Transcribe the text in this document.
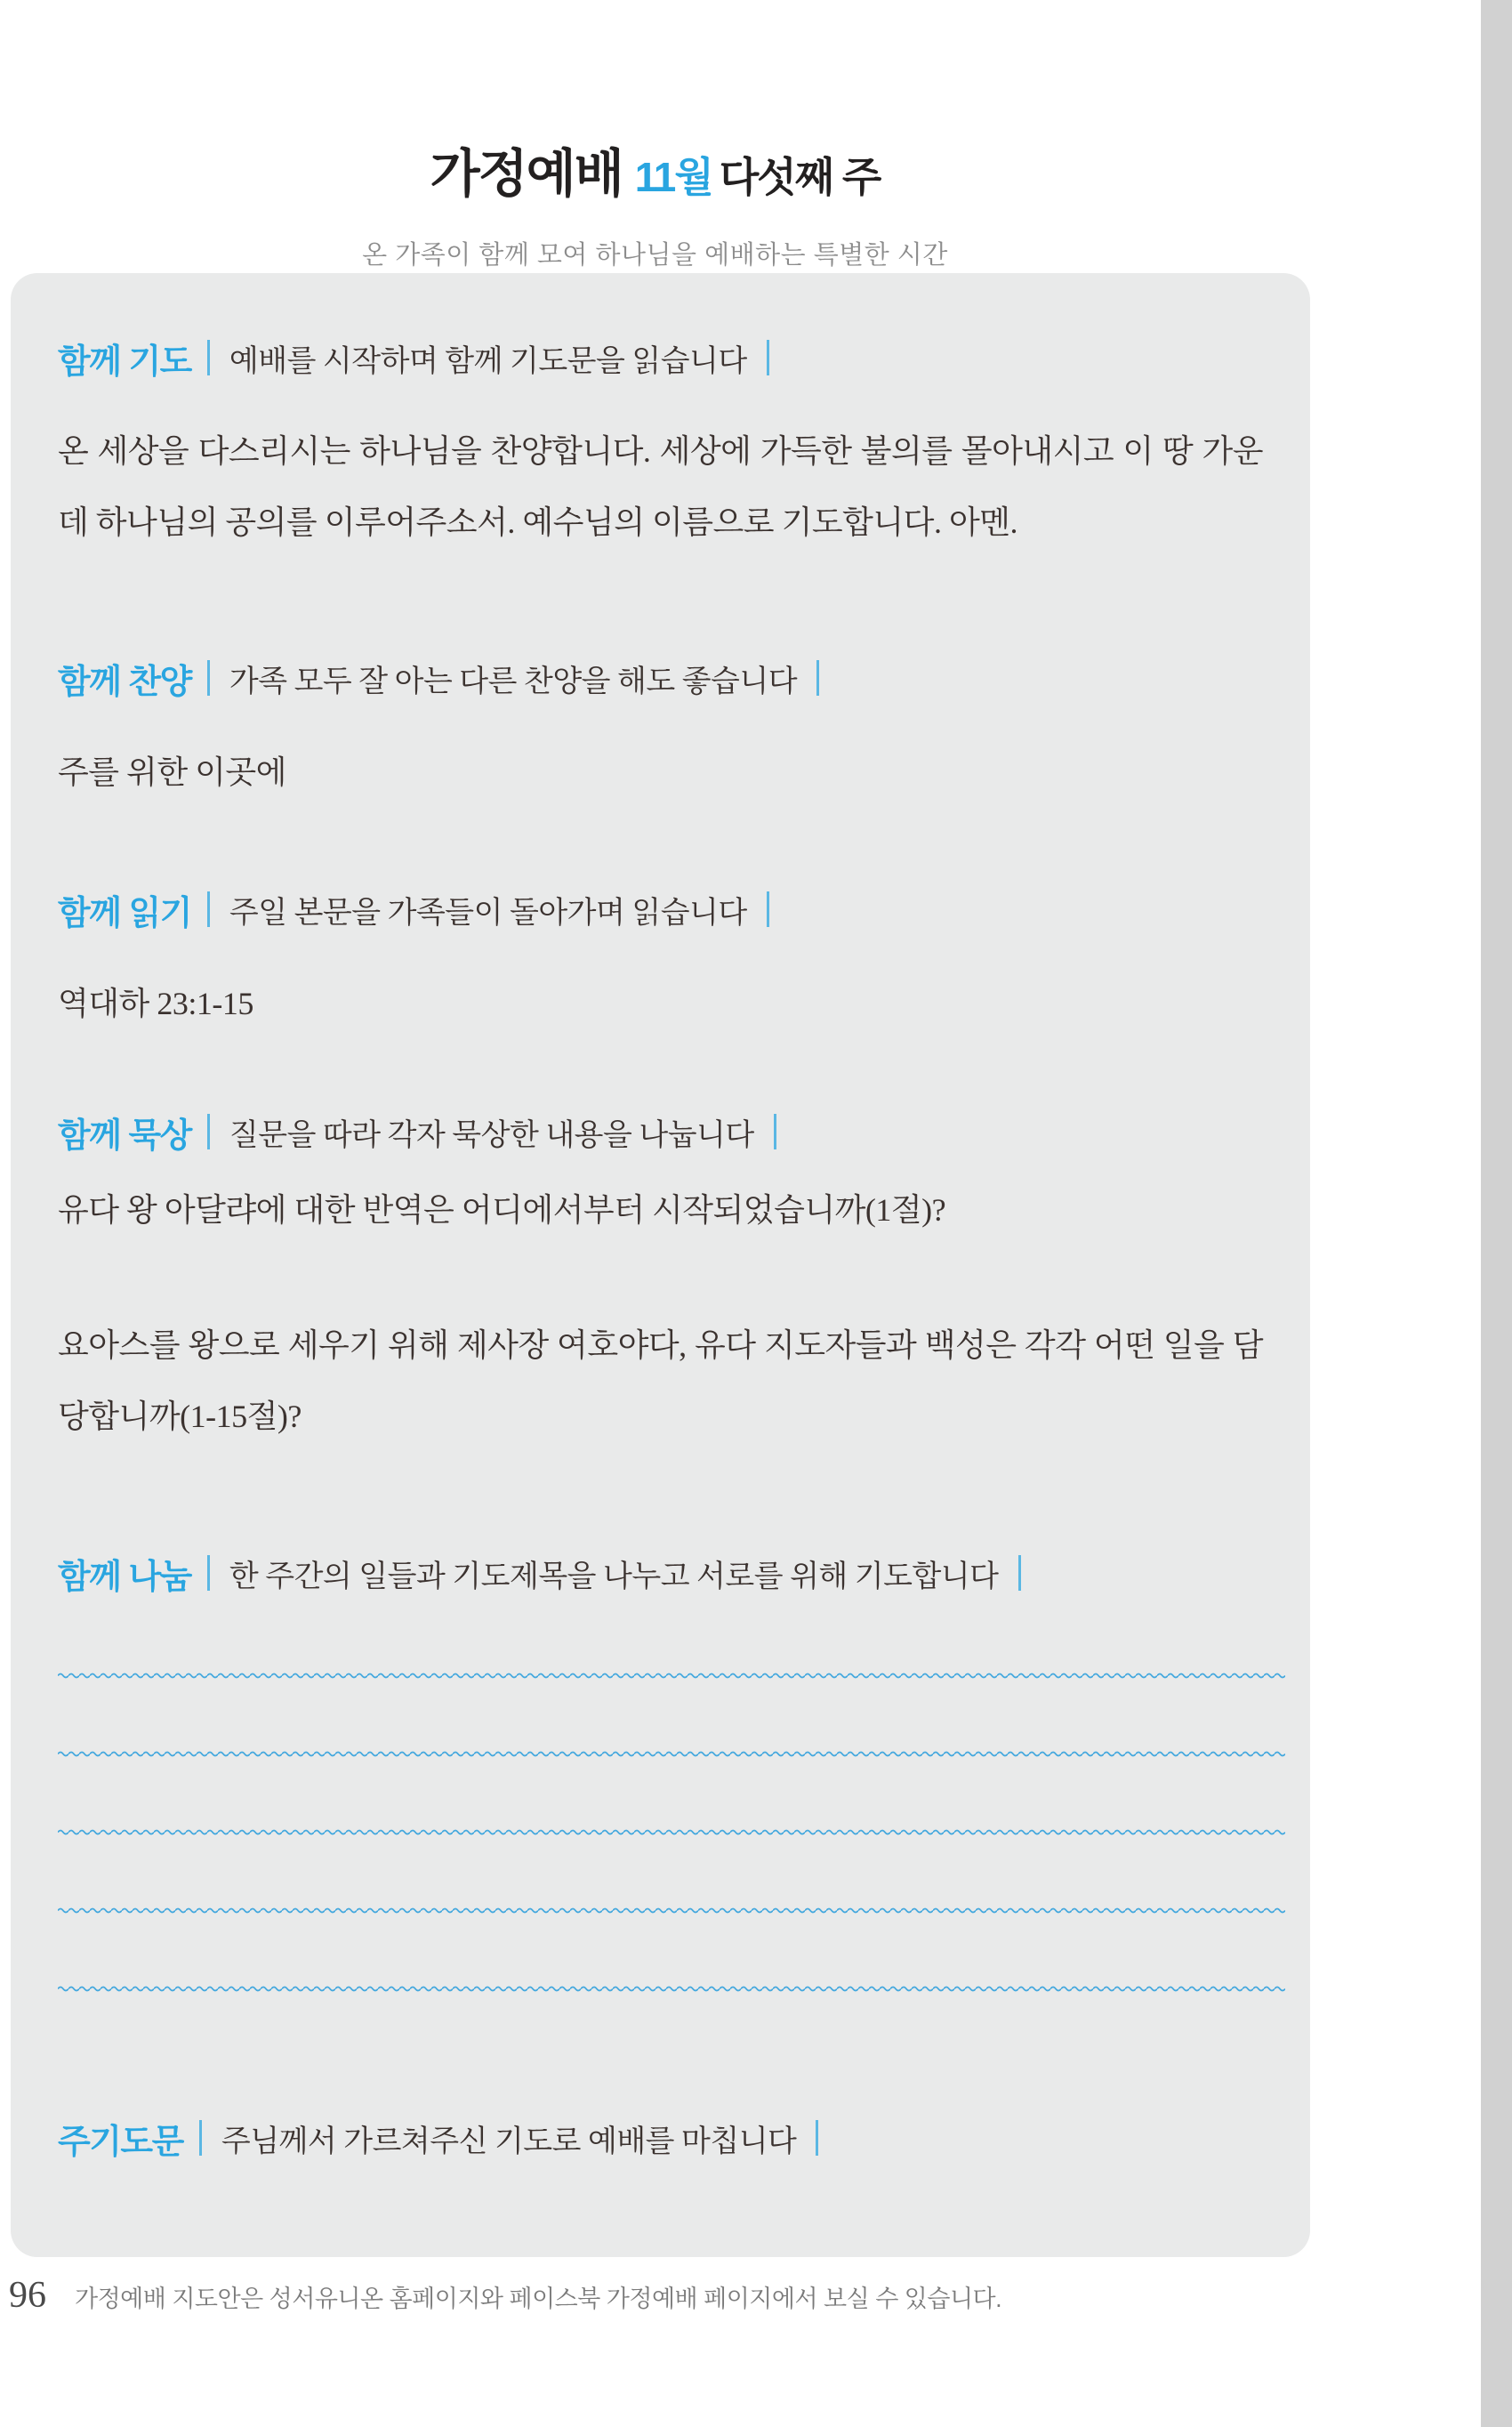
가정예배 11월 다섯째 주

온 가족이 함께 모여 하나님을 예배하는 특별한 시간

함께 기도 예배를 시작하며 함께 기도문을 읽습니다

온 세상을 다스리시는 하나님을 찬양합니다. 세상에 가득한 불의를 몰아내시고 이 땅 가운데 하나님의 공의를 이루어주소서. 예수님의 이름으로 기도합니다. 아멘.

함께 찬양 가족 모두 잘 아는 다른 찬양을 해도 좋습니다

주를 위한 이곳에

함께 읽기 주일 본문을 가족들이 돌아가며 읽습니다

역대하 23:1-15

함께 묵상 질문을 따라 각자 묵상한 내용을 나눕니다

유다 왕 아달랴에 대한 반역은 어디에서부터 시작되었습니까(1절)?

요아스를 왕으로 세우기 위해 제사장 여호야다, 유다 지도자들과 백성은 각각 어떤 일을 담당합니까(1-15절)?

함께 나눔 한 주간의 일들과 기도제목을 나누고 서로를 위해 기도합니다
주기도문 주님께서 가르쳐주신 기도로 예배를 마칩니다
96 가정예배 지도안은 성서유니온 홈페이지와 페이스북 가정예배 페이지에서 보실 수 있습니다.
